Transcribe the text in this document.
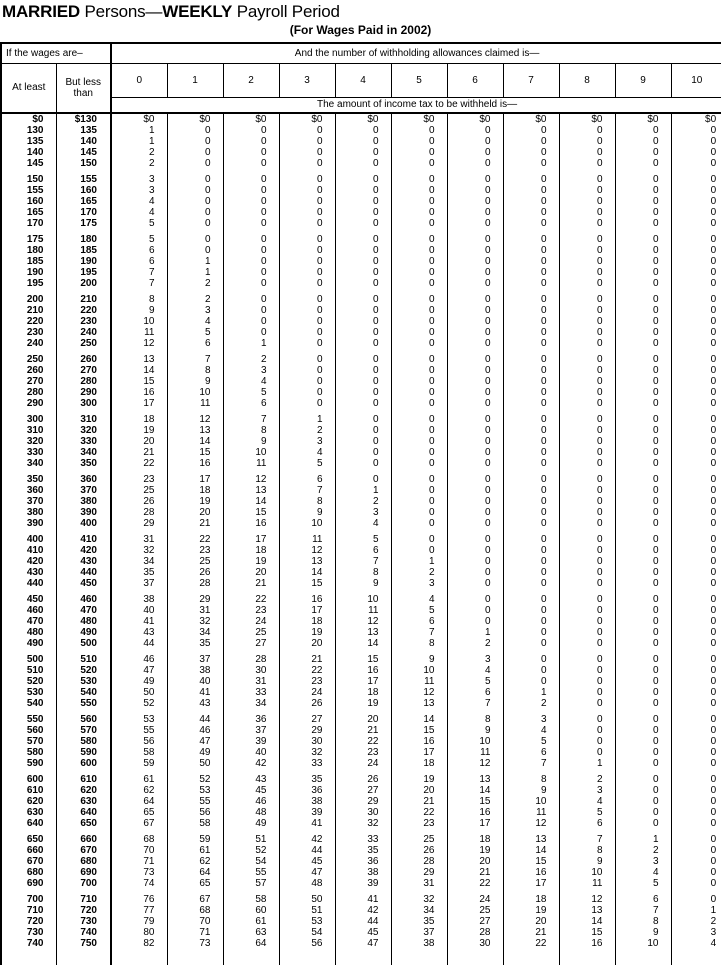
MARRIED Persons—WEEKLY Payroll Period
(For Wages Paid in 2002)
If the wages are–		And the number of withholding allowances claimed is—										
At least	But less than	0	1	2	3	4	5	6	7	8	9	10
		The amount of income tax to be withheld is—										
$0	$130	$0	$0	$0	$0	$0	$0	$0	$0	$0	$0	$0
130	135	1	0	0	0	0	0	0	0	0	0	0
135	140	1	0	0	0	0	0	0	0	0	0	0
140	145	2	0	0	0	0	0	0	0	0	0	0
145	150	2	0	0	0	0	0	0	0	0	0	0
150	155	3	0	0	0	0	0	0	0	0	0	0
155	160	3	0	0	0	0	0	0	0	0	0	0
160	165	4	0	0	0	0	0	0	0	0	0	0
165	170	4	0	0	0	0	0	0	0	0	0	0
170	175	5	0	0	0	0	0	0	0	0	0	0
175	180	5	0	0	0	0	0	0	0	0	0	0
180	185	6	0	0	0	0	0	0	0	0	0	0
185	190	6	1	0	0	0	0	0	0	0	0	0
190	195	7	1	0	0	0	0	0	0	0	0	0
195	200	7	2	0	0	0	0	0	0	0	0	0
200	210	8	2	0	0	0	0	0	0	0	0	0
210	220	9	3	0	0	0	0	0	0	0	0	0
220	230	10	4	0	0	0	0	0	0	0	0	0
230	240	11	5	0	0	0	0	0	0	0	0	0
240	250	12	6	1	0	0	0	0	0	0	0	0
250	260	13	7	2	0	0	0	0	0	0	0	0
260	270	14	8	3	0	0	0	0	0	0	0	0
270	280	15	9	4	0	0	0	0	0	0	0	0
280	290	16	10	5	0	0	0	0	0	0	0	0
290	300	17	11	6	0	0	0	0	0	0	0	0
300	310	18	12	7	1	0	0	0	0	0	0	0
310	320	19	13	8	2	0	0	0	0	0	0	0
320	330	20	14	9	3	0	0	0	0	0	0	0
330	340	21	15	10	4	0	0	0	0	0	0	0
340	350	22	16	11	5	0	0	0	0	0	0	0
350	360	23	17	12	6	0	0	0	0	0	0	0
360	370	25	18	13	7	1	0	0	0	0	0	0
370	380	26	19	14	8	2	0	0	0	0	0	0
380	390	28	20	15	9	3	0	0	0	0	0	0
390	400	29	21	16	10	4	0	0	0	0	0	0
400	410	31	22	17	11	5	0	0	0	0	0	0
410	420	32	23	18	12	6	0	0	0	0	0	0
420	430	34	25	19	13	7	1	0	0	0	0	0
430	440	35	26	20	14	8	2	0	0	0	0	0
440	450	37	28	21	15	9	3	0	0	0	0	0
450	460	38	29	22	16	10	4	0	0	0	0	0
460	470	40	31	23	17	11	5	0	0	0	0	0
470	480	41	32	24	18	12	6	0	0	0	0	0
480	490	43	34	25	19	13	7	1	0	0	0	0
490	500	44	35	27	20	14	8	2	0	0	0	0
500	510	46	37	28	21	15	9	3	0	0	0	0
510	520	47	38	30	22	16	10	4	0	0	0	0
520	530	49	40	31	23	17	11	5	0	0	0	0
530	540	50	41	33	24	18	12	6	1	0	0	0
540	550	52	43	34	26	19	13	7	2	0	0	0
550	560	53	44	36	27	20	14	8	3	0	0	0
560	570	55	46	37	29	21	15	9	4	0	0	0
570	580	56	47	39	30	22	16	10	5	0	0	0
580	590	58	49	40	32	23	17	11	6	0	0	0
590	600	59	50	42	33	24	18	12	7	1	0	0
600	610	61	52	43	35	26	19	13	8	2	0	0
610	620	62	53	45	36	27	20	14	9	3	0	0
620	630	64	55	46	38	29	21	15	10	4	0	0
630	640	65	56	48	39	30	22	16	11	5	0	0
640	650	67	58	49	41	32	23	17	12	6	0	0
650	660	68	59	51	42	33	25	18	13	7	1	0
660	670	70	61	52	44	35	26	19	14	8	2	0
670	680	71	62	54	45	36	28	20	15	9	3	0
680	690	73	64	55	47	38	29	21	16	10	4	0
690	700	74	65	57	48	39	31	22	17	11	5	0
700	710	76	67	58	50	41	32	24	18	12	6	0
710	720	77	68	60	51	42	34	25	19	13	7	1
720	730	79	70	61	53	44	35	27	20	14	8	2
730	740	80	71	63	54	45	37	28	21	15	9	3
740	750	82	73	64	56	47	38	30	22	16	10	4
